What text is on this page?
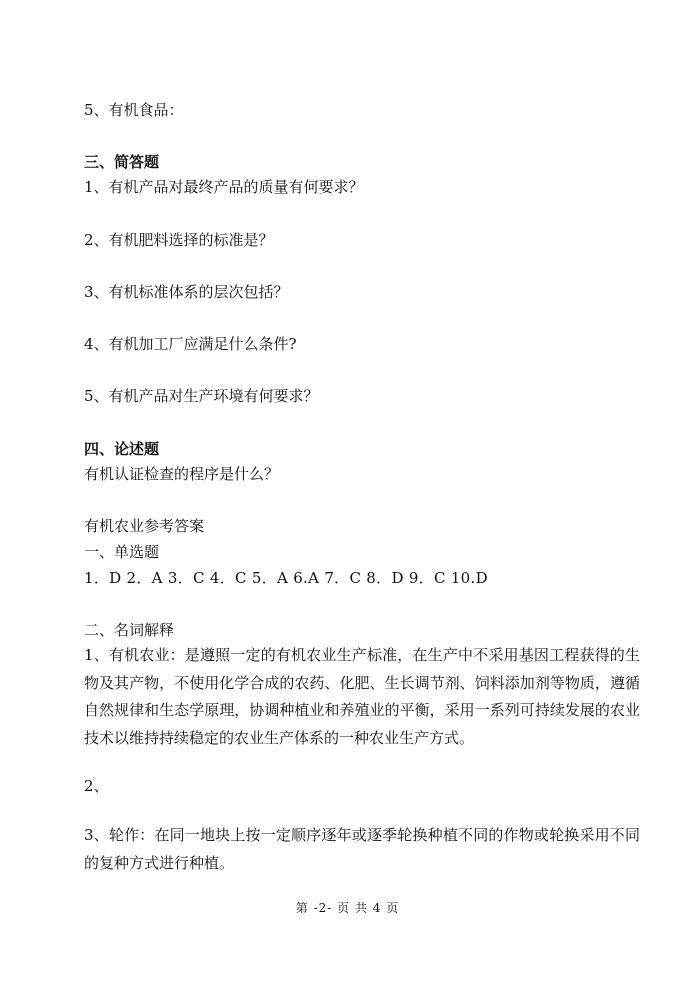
5、有机食品：
三、简答题
1、有机产品对最终产品的质量有何要求？
2、有机肥料选择的标准是？
3、有机标准体系的层次包括？
4、有机加工厂应满足什么条件?
5、有机产品对生产环境有何要求？
四、论述题
有机认证检查的程序是什么？
有机农业参考答案
一、单选题
1．D 2．A 3．C 4．C 5．A 6.A 7．C 8．D 9．C 10.D
二、名词解释
1、有机农业：是遵照一定的有机农业生产标准，在生产中不采用基因工程获得的生物及其产物，不使用化学合成的农药、化肥、生长调节剂、饲料添加剂等物质，遵循自然规律和生态学原理，协调种植业和养殖业的平衡，采用一系列可持续发展的农业技术以维持持续稳定的农业生产体系的一种农业生产方式。
2、
3、轮作：在同一地块上按一定顺序逐年或逐季轮换种植不同的作物或轮换采用不同的复种方式进行种植。
第 -2- 页 共 4 页
